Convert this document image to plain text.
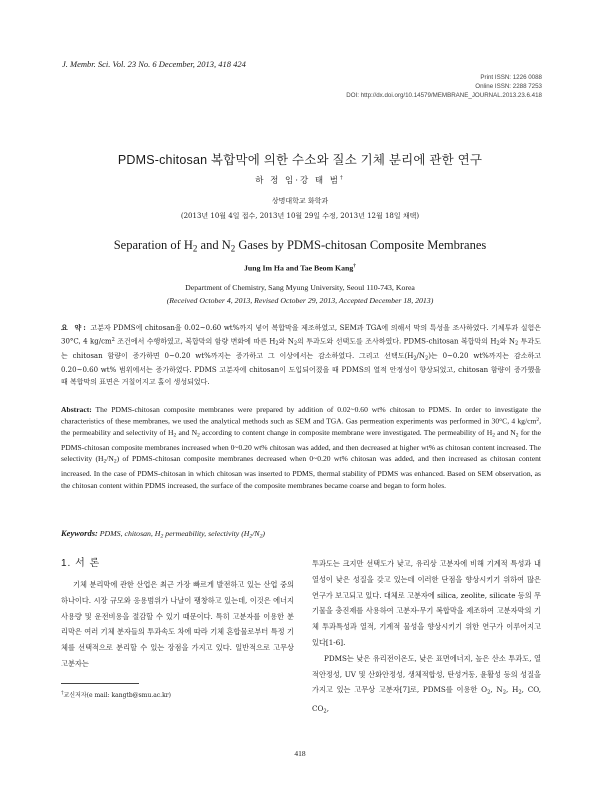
J. Membr. Sci. Vol. 23 No. 6 December, 2013, 418 424
Print ISSN: 1226 0088
Online ISSN: 2288 7253
DOI: http://dx.doi.org/10.14579/MEMBRANE_JOURNAL.2013.23.6.418
PDMS-chitosan 복합막에 의한 수소와 질소 기체 분리에 관한 연구
하 정 임·강 태 범†
상명대학교 화학과
(2013년 10월 4일 접수, 2013년 10월 29일 수정, 2013년 12월 18일 채택)
Separation of $H_2$ and $N_2$ Gases by PDMS-chitosan Composite Membranes
Jung Im Ha and Tae Beom Kang†
Department of Chemistry, Sang Myung University, Seoul 110-743, Korea
(Received October 4, 2013, Revised October 29, 2013, Accepted December 18, 2013)
요 약: 고분자 PDMS에 chitosan을 0.02~0.60 wt%까지 넣어 복합막을 제조하였고, SEM과 TGA에 의해서 막의 특성을 조사하였다. 기체투과 실험은 30°C, 4 $kg/cm^2$ 조건에서 수행하였고, 복합막의 함량 변화에 따른 $H_2$와 $N_2$의 투과도와 선택도를 조사하였다. PDMS-chitosan 복합막의 $H_2$와 $N_2$ 투과도는 chitosan 함량이 증가하면 0~0.20 wt%까지는 증가하고 그 이상에서는 감소하였다. 그리고 선택도$(H_2/N_2)$는 0~0.20 wt%까지는 감소하고 0.20~0.60 wt% 범위에서는 증가하였다. PDMS 고분자에 chitosan이 도입되어졌을 때 PDMS의 열적 안정성이 향상되었고, chitosan 함량이 증가했을 때 복합막의 표면은 거칠어지고 홀이 생성되었다.
Abstract: The PDMS-chitosan composite membranes were prepared by addition of 0.02~0.60 wt% chitosan to PDMS. In order to investigate the characteristics of these membranes, we used the analytical methods such as SEM and TGA. Gas permeation experiments was performed in 30°C, 4 $kg/cm^2$, the permeability and selectivity of $H_2$ and $N_2$ according to content change in composite membrane were investigated. The permeability of $H_2$ and $N_2$ for the PDMS-chitosan composite membranes increased when 0~0.20 wt% chitosan was added, and then decreased at higher wt% as chitosan content increased. The selectivity $(H_2/N_2)$ of PDMS-chitosan composite membranes decreased when 0~0.20 wt% chitosan was added, and then increased as chitosan content increased. In the case of PDMS-chitosan in which chitosan was inserted to PDMS, thermal stability of PDMS was enhanced. Based on SEM observation, as the chitosan content within PDMS increased, the surface of the composite membranes became coarse and began to form holes.
Keywords: PDMS, chitosan, $H_2$ permeability, selectivity $(H_2/N_2)$
1. 서 론
기체 분리막에 관한 산업은 최근 가장 빠르게 발전하고 있는 산업 중의 하나이다. 시장 규모와 응용범위가 나날이 팽창하고 있는데, 이것은 에너지 사용량 및 운전비용을 절감할 수 있기 때문이다. 특히 고분자를 이용한 분리막은 여러 기체 분자들의 투과속도 차에 따라 기체 혼합물로부터 특정 기체를 선택적으로 분리할 수 있는 장점을 가지고 있다. 일반적으로 고무상 고분자는

투과도는 크지만 선택도가 낮고, 유리상 고분자에 비해 기계적 특성과 내열성이 낮은 성질을 갖고 있는데 이러한 단점을 향상시키기 위하여 많은 연구가 보고되고 있다. 대체로 고분자에 silica, zeolite, silicate 등의 무기물을 충진제를 사용하여 고분자-무기 복합막을 제조하여 고분자막의 기체 투과특성과 열적, 기계적 물성을 향상시키기 위한 연구가 이루어지고 있다[1-6].

PDMS는 낮은 유리전이온도, 낮은 표면에너지, 높은 산소 투과도, 열적안정성, UV 및 산화안정성, 생체적합성, 탄성거동, 윤활성 등의 성질을 가지고 있는 고무상 고분자[7]로, PDMS를 이용한 $O_2$, $N_2$, $H_2$, CO, $CO_2$,

†교신저자(e mail: kangtb@smu.ac.kr)
418
